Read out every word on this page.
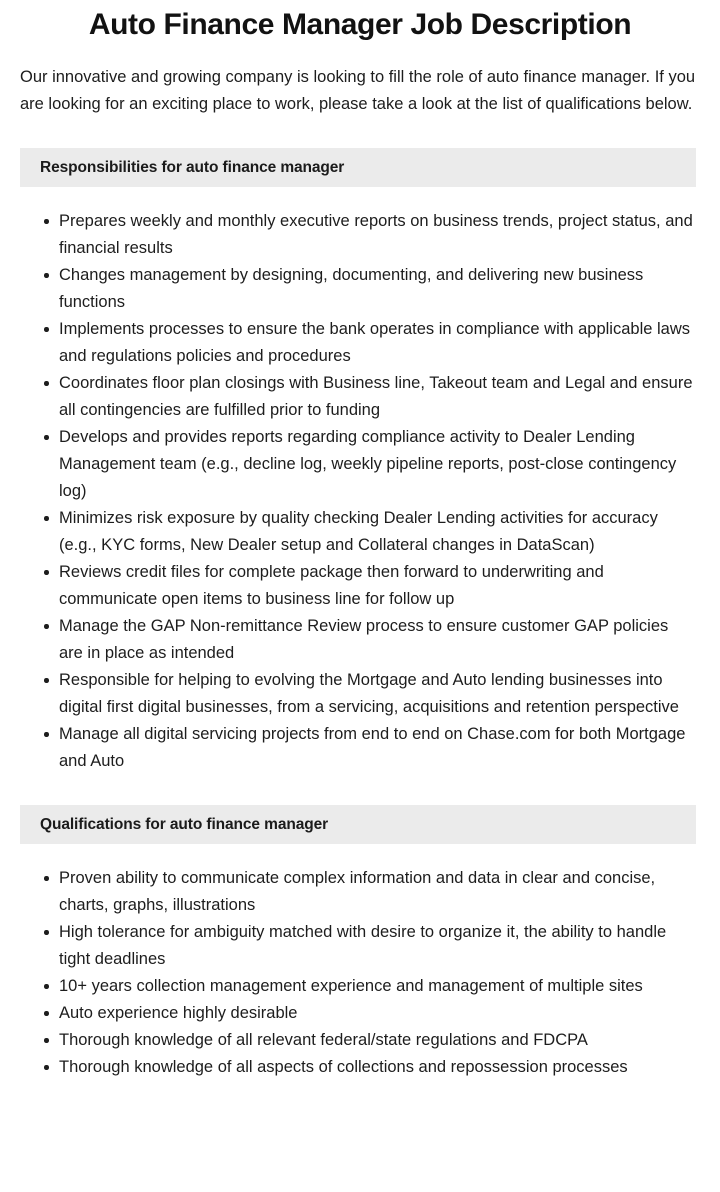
Auto Finance Manager Job Description

Our innovative and growing company is looking to fill the role of auto finance manager. If you are looking for an exciting place to work, please take a look at the list of qualifications below.

Responsibilities for auto finance manager
Prepares weekly and monthly executive reports on business trends, project status, and financial results
Changes management by designing, documenting, and delivering new business functions
Implements processes to ensure the bank operates in compliance with applicable laws and regulations policies and procedures
Coordinates floor plan closings with Business line, Takeout team and Legal and ensure all contingencies are fulfilled prior to funding
Develops and provides reports regarding compliance activity to Dealer Lending Management team (e.g., decline log, weekly pipeline reports, post-close contingency log)
Minimizes risk exposure by quality checking Dealer Lending activities for accuracy (e.g., KYC forms, New Dealer setup and Collateral changes in DataScan)
Reviews credit files for complete package then forward to underwriting and communicate open items to business line for follow up
Manage the GAP Non-remittance Review process to ensure customer GAP policies are in place as intended
Responsible for helping to evolving the Mortgage and Auto lending businesses into digital first digital businesses, from a servicing, acquisitions and retention perspective
Manage all digital servicing projects from end to end on Chase.com for both Mortgage and Auto
Qualifications for auto finance manager
Proven ability to communicate complex information and data in clear and concise, charts, graphs, illustrations
High tolerance for ambiguity matched with desire to organize it, the ability to handle tight deadlines
10+ years collection management experience and management of multiple sites
Auto experience highly desirable
Thorough knowledge of all relevant federal/state regulations and FDCPA
Thorough knowledge of all aspects of collections and repossession processes
